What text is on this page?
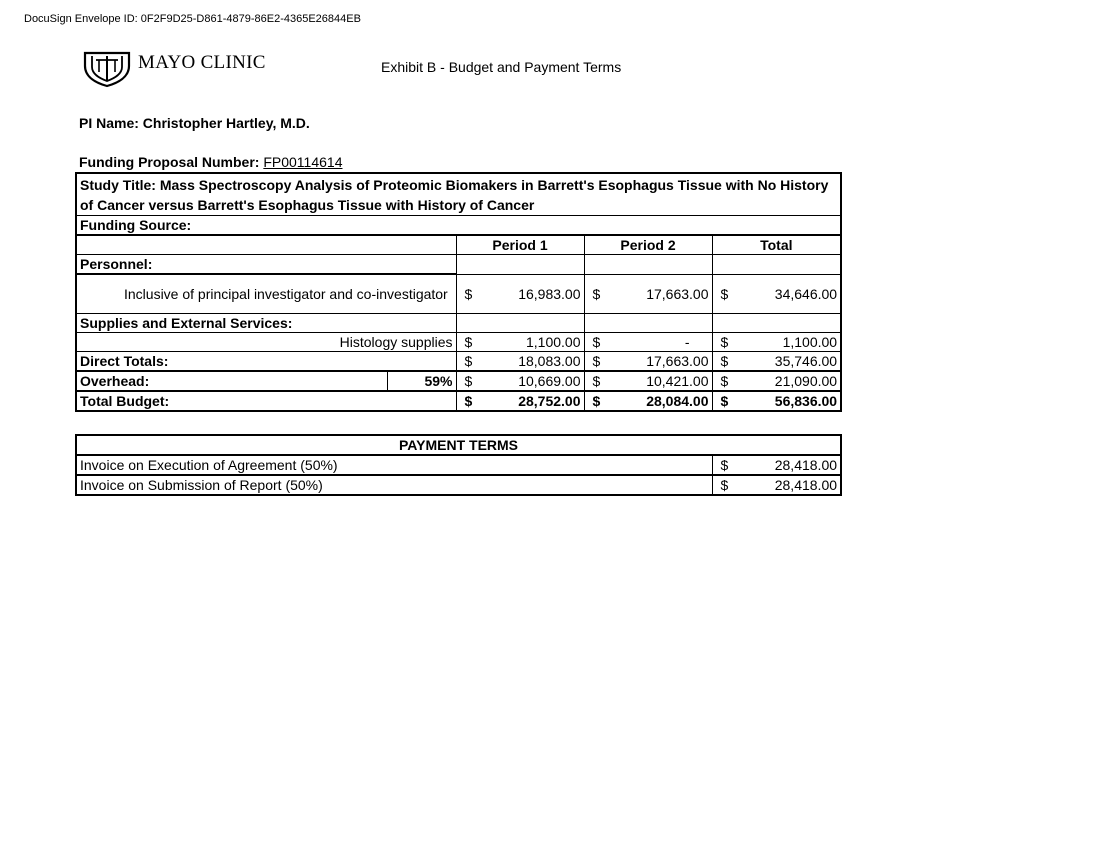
DocuSign Envelope ID: 0F2F9D25-D861-4879-86E2-4365E26844EB
MAYO CLINIC	Exhibit B - Budget and Payment Terms
PI Name: Christopher Hartley, M.D.
Funding Proposal Number: FP00114614
Study Title: Mass Spectroscopy Analysis of Proteomic Biomakers in Barrett's Esophagus Tissue with No History of Cancer versus Barrett's Esophagus Tissue with History of Cancer							
Funding Source:							
		Period 1		Period 2		Total	
Personnel:							
Inclusive of principal investigator and co-investigator		$	16,983.00	$	17,663.00	$	34,646.00
Supplies and External Services:							
Histology supplies		$	1,100.00	$	-	$	1,100.00
Direct Totals:		$	18,083.00	$	17,663.00	$	35,746.00
Overhead:	59%	$	10,669.00	$	10,421.00	$	21,090.00
Total Budget:		$	28,752.00	$	28,084.00	$	56,836.00
PAYMENT TERMS		
Invoice on Execution of Agreement (50%)	$	28,418.00
Invoice on Submission of Report (50%)	$	28,418.00
